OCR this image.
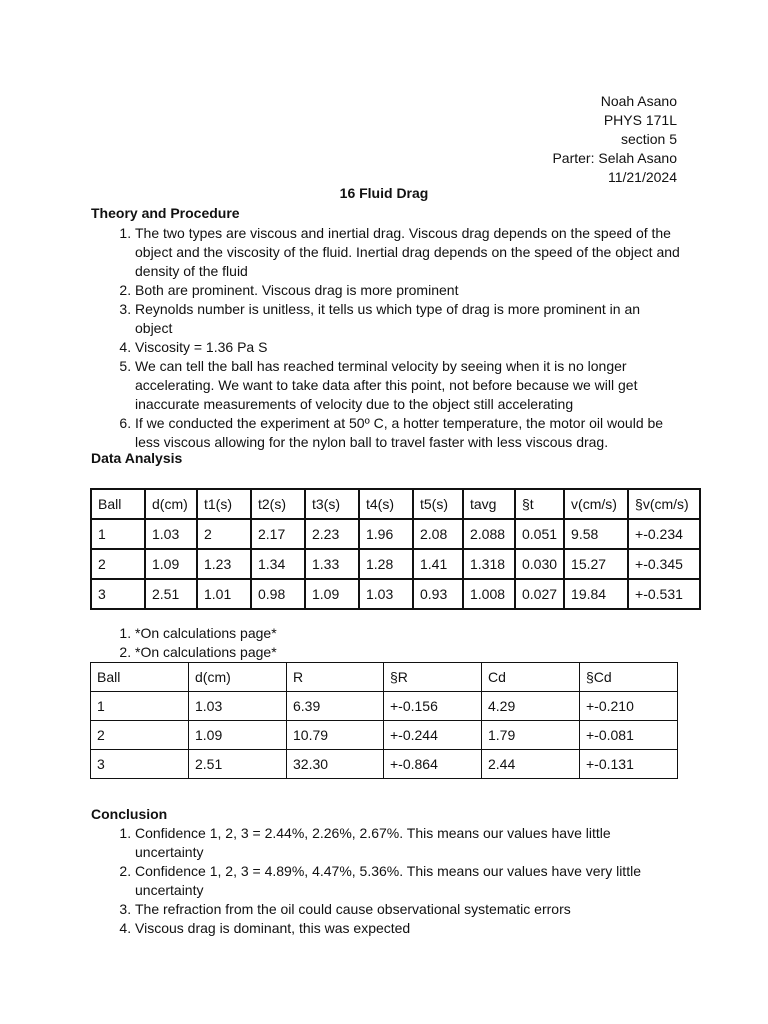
Noah Asano
PHYS 171L
section 5
Parter: Selah Asano
11/21/2024
16 Fluid Drag
Theory and Procedure
1. The two types are viscous and inertial drag. Viscous drag depends on the speed of the object and the viscosity of the fluid. Inertial drag depends on the speed of the object and density of the fluid
2. Both are prominent. Viscous drag is more prominent
3. Reynolds number is unitless, it tells us which type of drag is more prominent in an object
4. Viscosity = 1.36 Pa S
5. We can tell the ball has reached terminal velocity by seeing when it is no longer accelerating. We want to take data after this point, not before because we will get inaccurate measurements of velocity due to the object still accelerating
6. If we conducted the experiment at 50º C, a hotter temperature, the motor oil would be less viscous allowing for the nylon ball to travel faster with less viscous drag.
Data Analysis
Ball	d(cm)	t1(s)	t2(s)	t3(s)	t4(s)	t5(s)	tavg	§t	v(cm/s)	§v(cm/s)
1	1.03	2	2.17	2.23	1.96	2.08	2.088	0.051	9.58	+-0.234
2	1.09	1.23	1.34	1.33	1.28	1.41	1.318	0.030	15.27	+-0.345
3	2.51	1.01	0.98	1.09	1.03	0.93	1.008	0.027	19.84	+-0.531
1. *On calculations page*
2. *On calculations page*
Ball	d(cm)	R	§R	Cd	§Cd
1	1.03	6.39	+-0.156	4.29	+-0.210
2	1.09	10.79	+-0.244	1.79	+-0.081
3	2.51	32.30	+-0.864	2.44	+-0.131
Conclusion
1. Confidence 1, 2, 3 = 2.44%, 2.26%, 2.67%. This means our values have little uncertainty
2. Confidence 1, 2, 3 = 4.89%, 4.47%, 5.36%. This means our values have very little uncertainty
3. The refraction from the oil could cause observational systematic errors
4. Viscous drag is dominant, this was expected
